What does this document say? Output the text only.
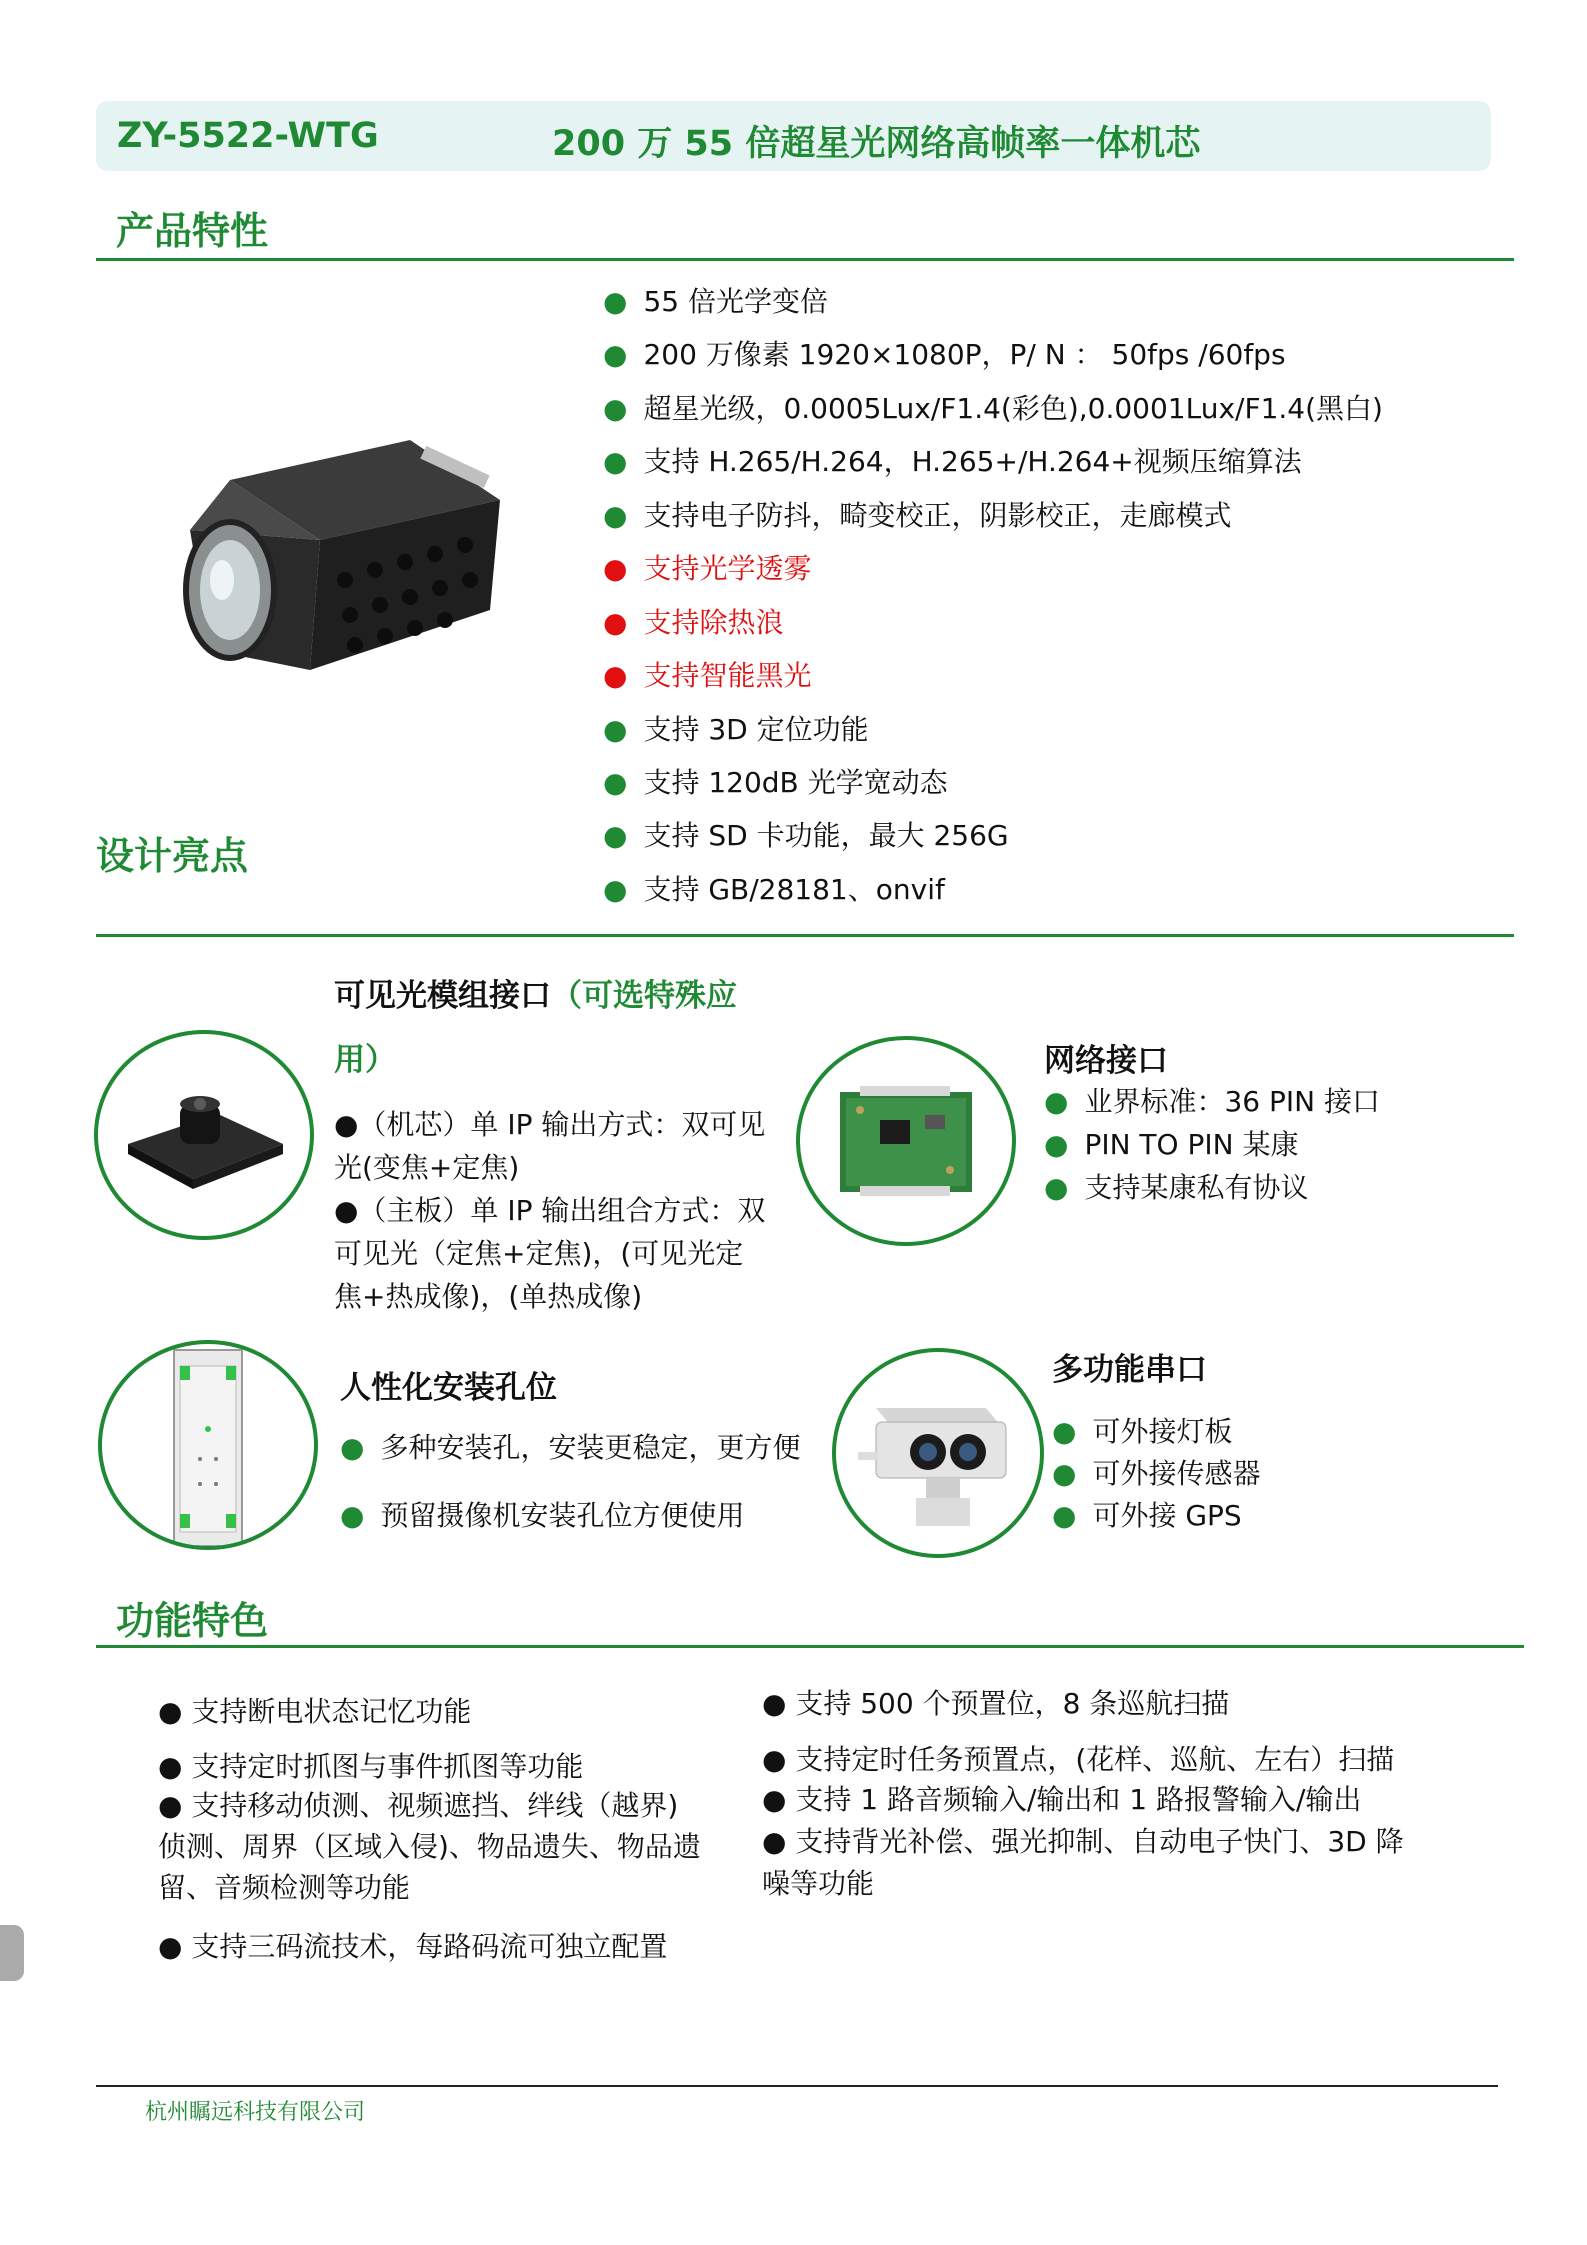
ZY-5522-WTG	200 万 55 倍超星光网络高帧率一体机芯
产品特性
● 55 倍光学变倍
● 200 万像素 1920×1080P，P/ N ： 50fps /60fps
● 超星光级，0.0005Lux/F1.4(彩色),0.0001Lux/F1.4(黑白)
● 支持 H.265/H.264，H.265+/H.264+视频压缩算法
● 支持电子防抖，畸变校正，阴影校正，走廊模式
● 支持光学透雾
● 支持除热浪
● 支持智能黑光
● 支持 3D 定位功能
● 支持 120dB 光学宽动态
● 支持 SD 卡功能，最大 256G
● 支持 GB/28181、onvif
设计亮点
可见光模组接口（可选特殊应
用）
●（机芯）单 IP 输出方式：双可见
光(变焦+定焦)
●（主板）单 IP 输出组合方式：双
可见光（定焦+定焦)，(可见光定
焦+热成像)，(单热成像)
网络接口
● 业界标准：36 PIN 接口
● PIN TO PIN 某康
● 支持某康私有协议
人性化安装孔位
● 多种安装孔，安装更稳定，更方便
● 预留摄像机安装孔位方便使用
多功能串口
● 可外接灯板
● 可外接传感器
● 可外接 GPS
功能特色
● 支持断电状态记忆功能
● 支持定时抓图与事件抓图等功能
● 支持移动侦测、视频遮挡、绊线（越界)
侦测、周界（区域入侵)、物品遗失、物品遗
留、音频检测等功能
● 支持三码流技术，每路码流可独立配置
● 支持 500 个预置位，8 条巡航扫描
● 支持定时任务预置点，(花样、巡航、左右）扫描
● 支持 1 路音频输入/输出和 1 路报警输入/输出
● 支持背光补偿、强光抑制、自动电子快门、3D 降
噪等功能
杭州瞩远科技有限公司
